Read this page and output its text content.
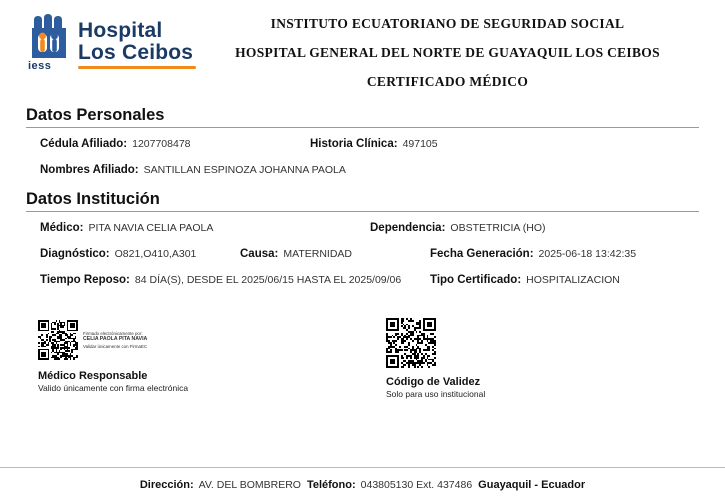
iess
Hospital
Los Ceibos
INSTITUTO ECUATORIANO DE SEGURIDAD SOCIAL
HOSPITAL GENERAL DEL NORTE DE GUAYAQUIL LOS CEIBOS
CERTIFICADO MÉDICO
Datos Personales
Cédula Afiliado: 1207708478	Historia Clínica: 497105
Nombres Afiliado: SANTILLAN ESPINOZA JOHANNA PAOLA
Datos Institución
Médico: PITA NAVIA CELIA PAOLA	Dependencia: OBSTETRICIA (HO)
Diagnóstico: O821,O410,A301	Causa: MATERNIDAD	Fecha Generación: 2025-06-18 13:42:35
Tiempo Reposo: 84 DÍA(S), DESDE EL 2025/06/15 HASTA EL 2025/09/06	Tipo Certificado: HOSPITALIZACION
Firmado electrónicamente por:
CELIA PAOLA PITA NAVIA
Validar únicamente con FirmaEC
Médico Responsable
Valido únicamente con firma electrónica
Código de Validez
Solo para uso institucional
Dirección: AV. DEL BOMBRERO Teléfono: 043805130 Ext. 437486 Guayaquil - Ecuador
